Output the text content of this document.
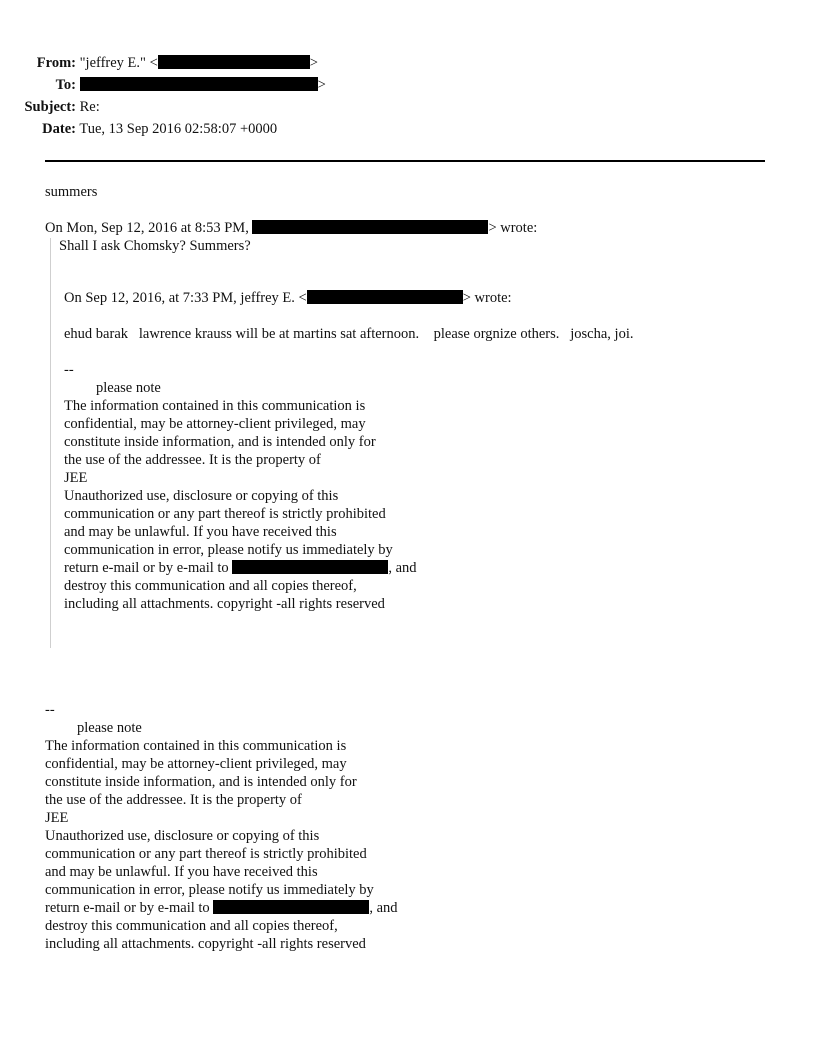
From: "jeffrey E." <	>
To:	>
Subject: Re:
Date: Tue, 13 Sep 2016 02:58:07 +0000
summers
On Mon, Sep 12, 2016 at 8:53 PM,	> wrote:
Shall I ask Chomsky? Summers?
On Sep 12, 2016, at 7:33 PM, jeffrey E. <	> wrote:
ehud barak   lawrence krauss will be at martins sat afternoon.    please orgnize others.   joscha, joi.
--
please note
The information contained in this communication is
confidential, may be attorney-client privileged, may
constitute inside information, and is intended only for
the use of the addressee. It is the property of
JEE
Unauthorized use, disclosure or copying of this
communication or any part thereof is strictly prohibited
and may be unlawful. If you have received this
communication in error, please notify us immediately by
return e-mail or by e-mail to	, and
destroy this communication and all copies thereof,
including all attachments. copyright -all rights reserved
--
please note
The information contained in this communication is
confidential, may be attorney-client privileged, may
constitute inside information, and is intended only for
the use of the addressee. It is the property of
JEE
Unauthorized use, disclosure or copying of this
communication or any part thereof is strictly prohibited
and may be unlawful. If you have received this
communication in error, please notify us immediately by
return e-mail or by e-mail to	, and
destroy this communication and all copies thereof,
including all attachments. copyright -all rights reserved
